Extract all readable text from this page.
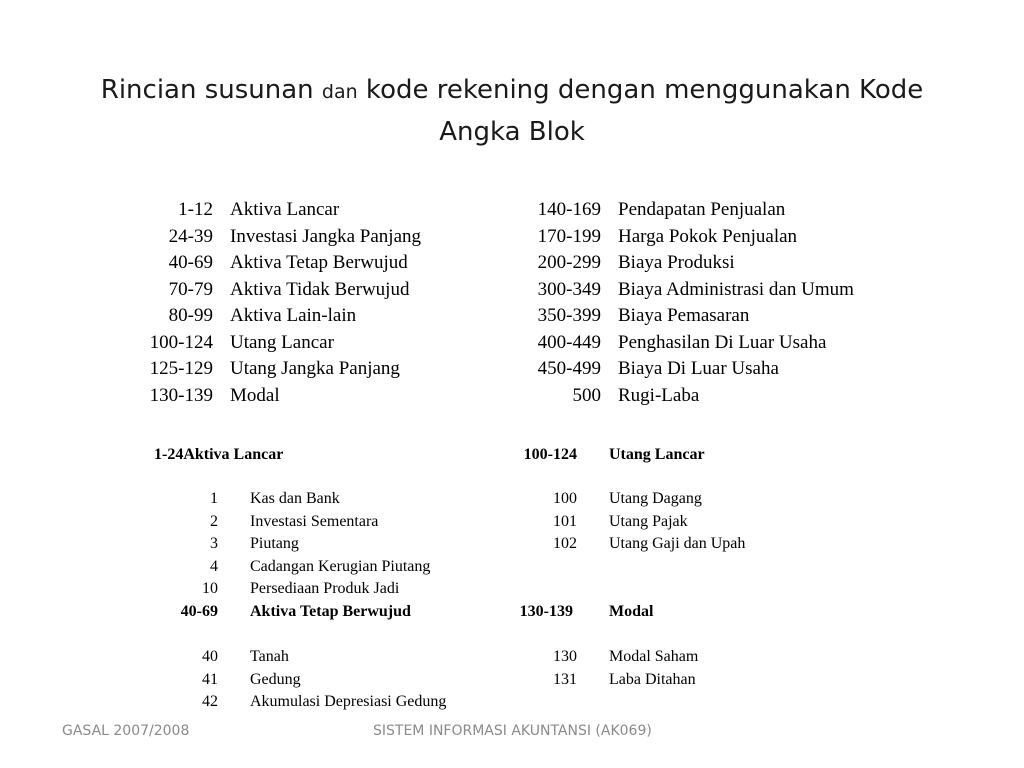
Rincian susunan dan kode rekening dengan menggunakan Kode Angka Blok
1-12 Aktiva Lancar
24-39 Investasi Jangka Panjang
40-69 Aktiva Tetap Berwujud
70-79 Aktiva Tidak Berwujud
80-99 Aktiva Lain-lain
100-124 Utang Lancar
125-129 Utang Jangka Panjang
130-139 Modal
140-169 Pendapatan Penjualan
170-199 Harga Pokok Penjualan
200-299 Biaya Produksi
300-349 Biaya Administrasi dan Umum
350-399 Biaya Pemasaran
400-449 Penghasilan Di Luar Usaha
450-499 Biaya Di Luar Usaha
500 Rugi-Laba
1-24Aktiva Lancar
1 Kas dan Bank
2 Investasi Sementara
3 Piutang
4 Cadangan Kerugian Piutang
10 Persediaan Produk Jadi
40-69 Aktiva Tetap Berwujud
40 Tanah
41 Gedung
42 Akumulasi Depresiasi Gedung
100-124 Utang Lancar
100 Utang Dagang
101 Utang Pajak
102 Utang Gaji dan Upah
130-139 Modal
130 Modal Saham
131 Laba Ditahan
GASAL 2007/2008	SISTEM INFORMASI AKUNTANSI (AK069)
